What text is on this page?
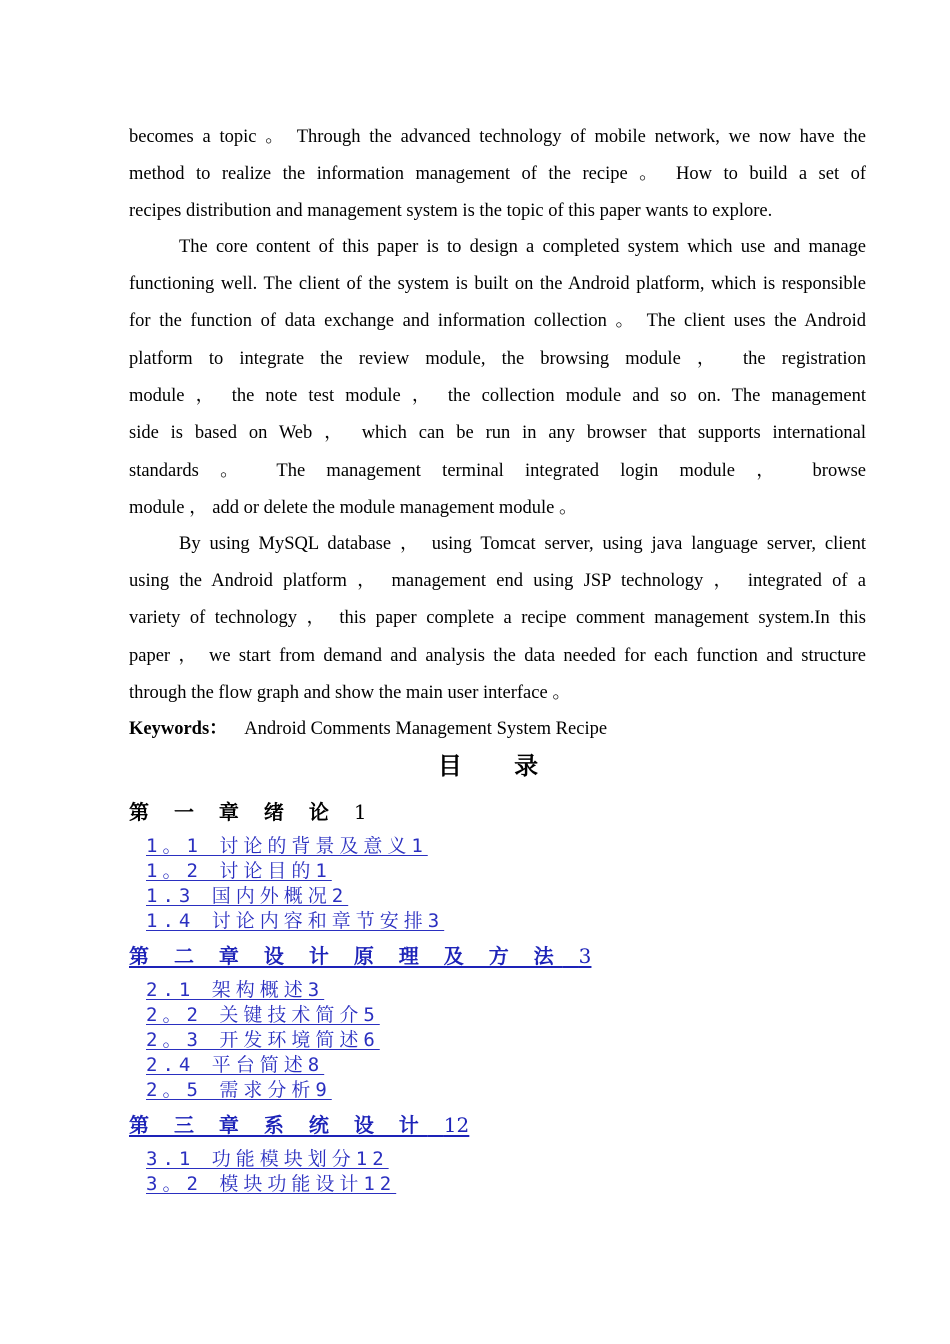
becomes a topic 。 Through the advanced technology of mobile network, we now have the
method to realize the information management of the recipe 。 How to build a set of
recipes distribution and management system is the topic of this paper wants to explore.
The core content of this paper is to design a completed system which use and manage
functioning well. The client of the system is built on the Android platform, which is responsible
for the function of data exchange and information collection 。 The client uses the Android
platform to integrate the review module, the browsing module ， the registration
module ， the note test module ， the collection module and so on. The management
side is based on Web ， which can be run in any browser that supports international
standards 。 The management terminal integrated login module ， browse
module ， add or delete the module management module 。
By using MySQL database ， using Tomcat server, using java language server, client
using the Android platform ， management end using JSP technology ， integrated of a
variety of technology ， this paper complete a recipe comment management system.In this
paper ， we start from demand and analysis the data needed for each function and structure
through the flow graph and show the main user interface 。
Keywords： Android Comments Management System Recipe
目 录
第 一 章 绪 论 1
1。1 讨论的背景及意义1
1。2 讨论目的1
1.3 国内外概况2
1.4 讨论内容和章节安排3
第 二 章 设 计 原 理 及 方 法 3
2.1 架构概述3
2。2 关键技术简介5
2。3 开发环境简述6
2.4 平台简述8
2。5 需求分析9
第 三 章 系 统 设 计 12
3.1 功能模块划分12
3。2 模块功能设计12
